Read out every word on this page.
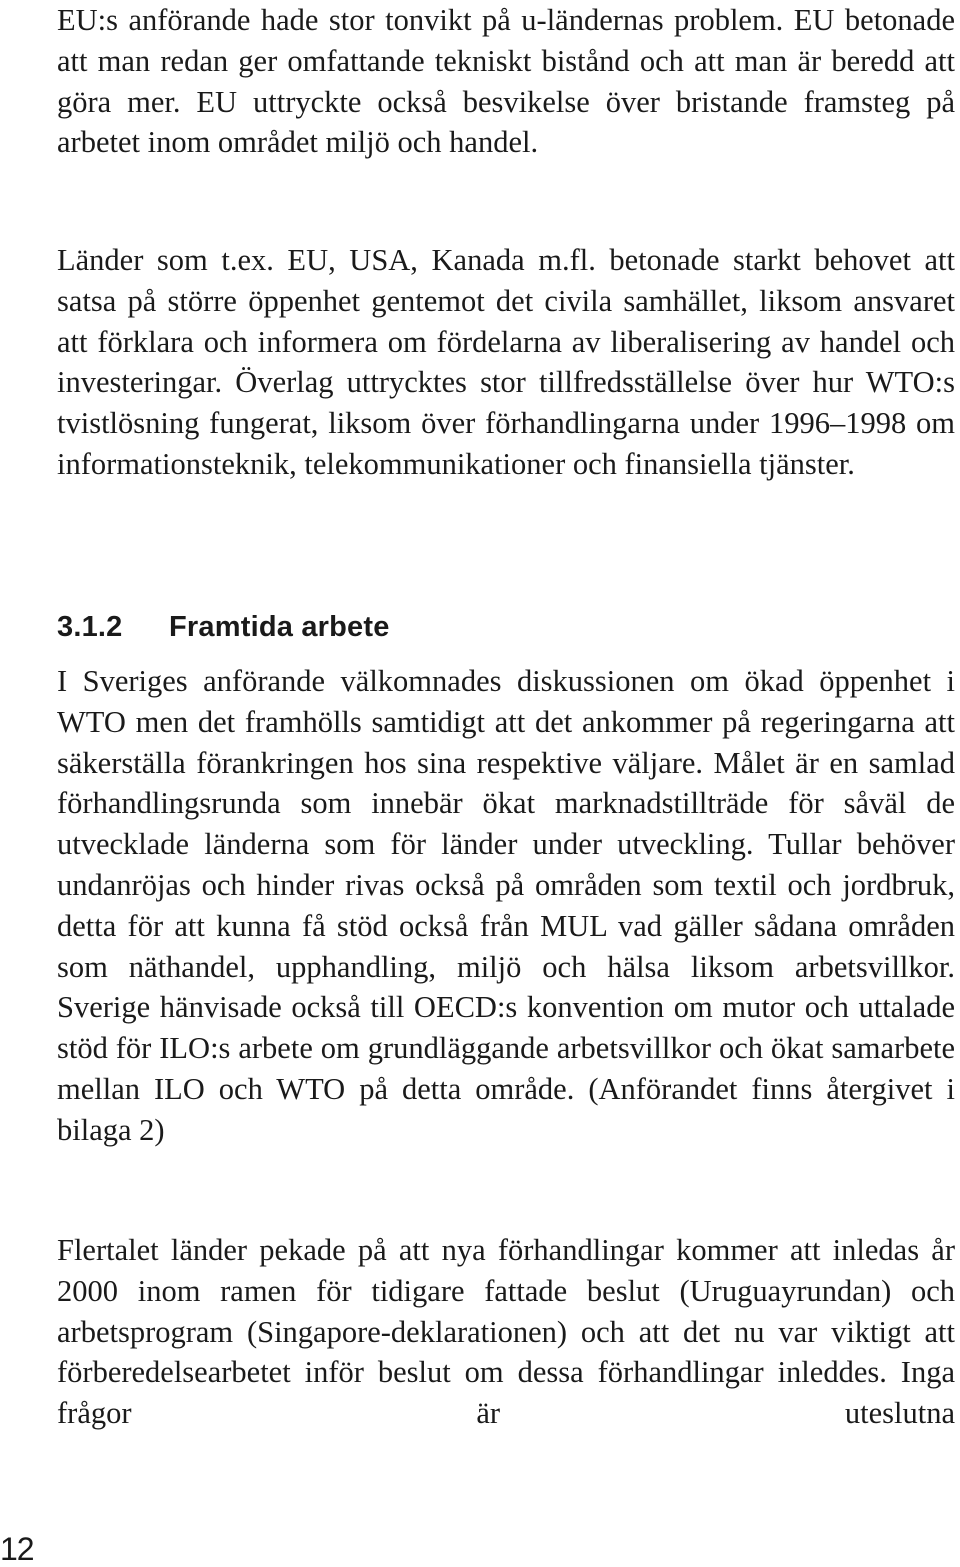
EU:s anförande hade stor tonvikt på u-ländernas problem. EU betonade att man redan ger omfattande tekniskt bistånd och att man är beredd att göra mer. EU uttryckte också besvikelse över bristande framsteg på arbetet inom området miljö och handel.

Länder som t.ex. EU, USA, Kanada m.fl. betonade starkt behovet att satsa på större öppenhet gentemot det civila samhället, liksom ansvaret att förklara och informera om fördelarna av liberalisering av handel och investeringar. Överlag uttrycktes stor tillfredsställelse över hur WTO:s tvistlösning fungerat, liksom över förhandlingarna under 1996–1998 om informationsteknik, telekommunikationer och finansiella tjänster.

3.1.2 Framtida arbete

I Sveriges anförande välkomnades diskussionen om ökad öppenhet i WTO men det framhölls samtidigt att det ankommer på regeringarna att säkerställa förankringen hos sina respektive väljare. Målet är en samlad förhandlingsrunda som innebär ökat marknadstillträde för såväl de utvecklade länderna som för länder under utveckling. Tullar behöver undanröjas och hinder rivas också på områden som textil och jordbruk, detta för att kunna få stöd också från MUL vad gäller sådana områden som näthandel, upphandling, miljö och hälsa liksom arbetsvillkor. Sverige hänvisade också till OECD:s konvention om mutor och uttalade stöd för ILO:s arbete om grundläggande arbetsvillkor och ökat samarbete mellan ILO och WTO på detta område. (Anförandet finns återgivet i bilaga 2)

Flertalet länder pekade på att nya förhandlingar kommer att inledas år 2000 inom ramen för tidigare fattade beslut (Uruguayrundan) och arbetsprogram (Singapore-deklarationen) och att det nu var viktigt att förberedelsearbetet inför beslut om dessa förhandlingar inleddes. Inga frågor är uteslutna

12
